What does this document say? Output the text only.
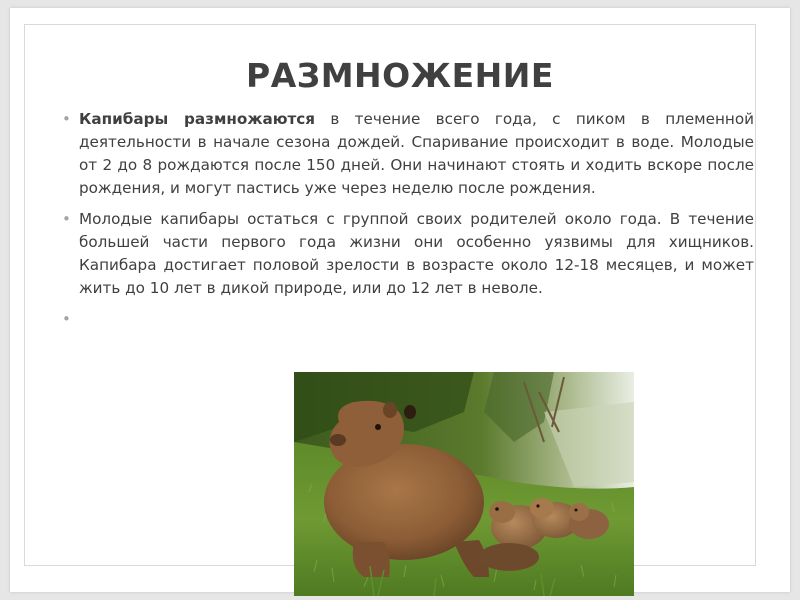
РАЗМНОЖЕНИЕ
• Капибары размножаются в течение всего года, с пиком в племенной деятельности в начале сезона дождей. Спаривание происходит в воде. Молодые от 2 до 8 рождаются после 150 дней. Они начинают стоять и ходить вскоре после рождения, и могут пастись уже через неделю после рождения.
• Молодые капибары остаться с группой своих родителей около года. В течение большей части первого года жизни они особенно уязвимы для хищников. Капибара достигает половой зрелости в возрасте около 12-18 месяцев, и может жить до 10 лет в дикой природе, или до 12 лет в неволе.
•
